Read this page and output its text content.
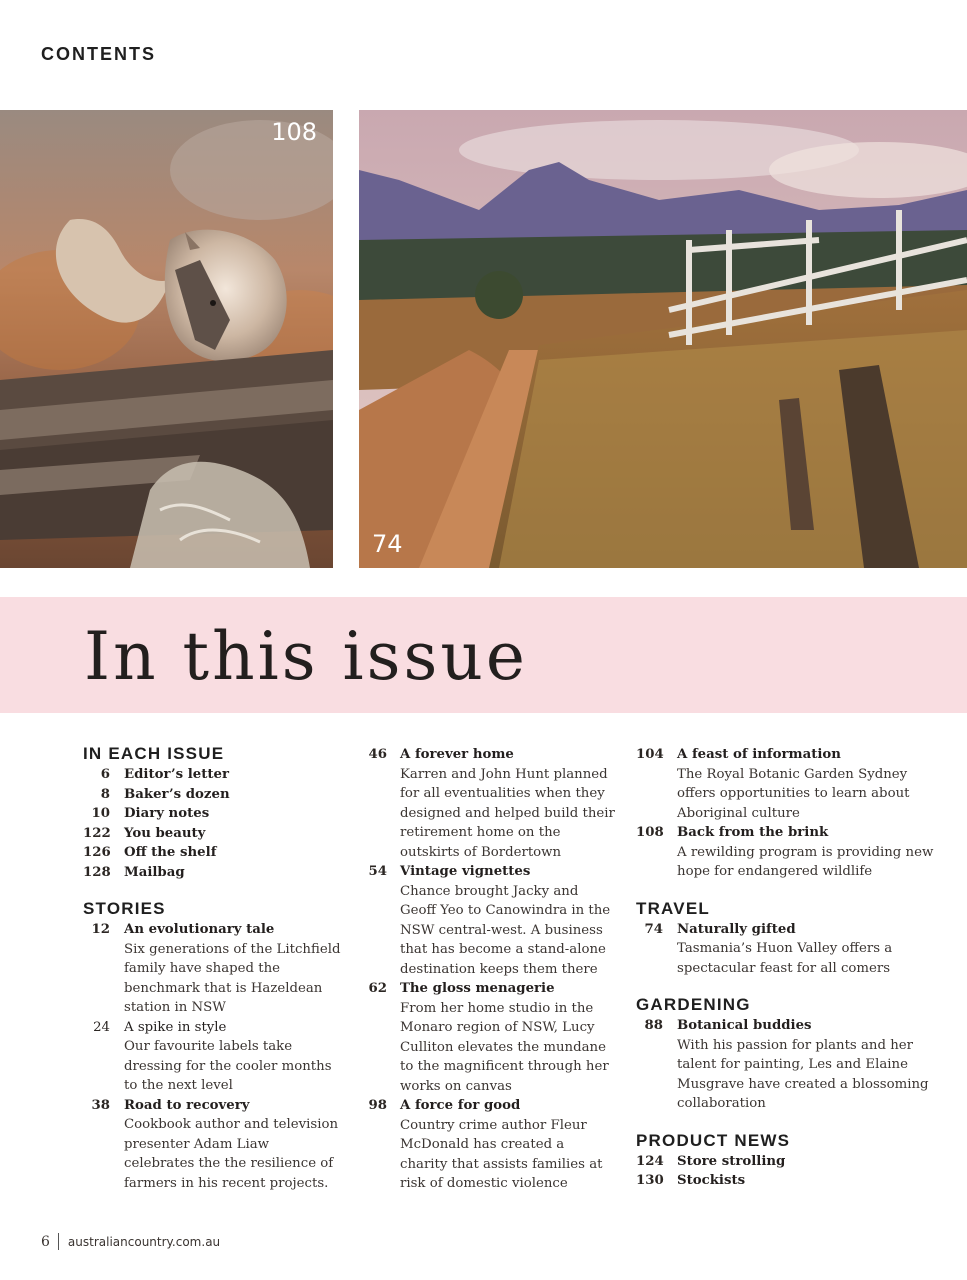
CONTENTS
108
74
In this issue
IN EACH ISSUE
6 Editor’s letter
8 Baker’s dozen
10 Diary notes
122 You beauty
126 Off the shelf
128 Mailbag
STORIES
12 An evolutionary tale
Six generations of the Litchfield family have shaped the benchmark that is Hazeldean station in NSW
24 A spike in style
Our favourite labels take dressing for the cooler months to the next level
38 Road to recovery
Cookbook author and television presenter Adam Liaw celebrates the the resilience of farmers in his recent projects.
46 A forever home
Karren and John Hunt planned for all eventualities when they designed and helped build their retirement home on the outskirts of Bordertown
54 Vintage vignettes
Chance brought Jacky and Geoff Yeo to Canowindra in the NSW central-west. A business that has become a stand-alone destination keeps them there
62 The gloss menagerie
From her home studio in the Monaro region of NSW, Lucy Culliton elevates the mundane to the magnificent through her works on canvas
98 A force for good
Country crime author Fleur McDonald has created a charity that assists families at risk of domestic violence
104 A feast of information
The Royal Botanic Garden Sydney offers opportunities to learn about Aboriginal culture
108 Back from the brink
A rewilding program is providing new hope for endangered wildlife
TRAVEL
74 Naturally gifted
Tasmania’s Huon Valley offers a spectacular feast for all comers
GARDENING
88 Botanical buddies
With his passion for plants and her talent for painting, Les and Elaine Musgrave have created a blossoming collaboration
PRODUCT NEWS
124 Store strolling
130 Stockists
6 australiancountry.com.au
